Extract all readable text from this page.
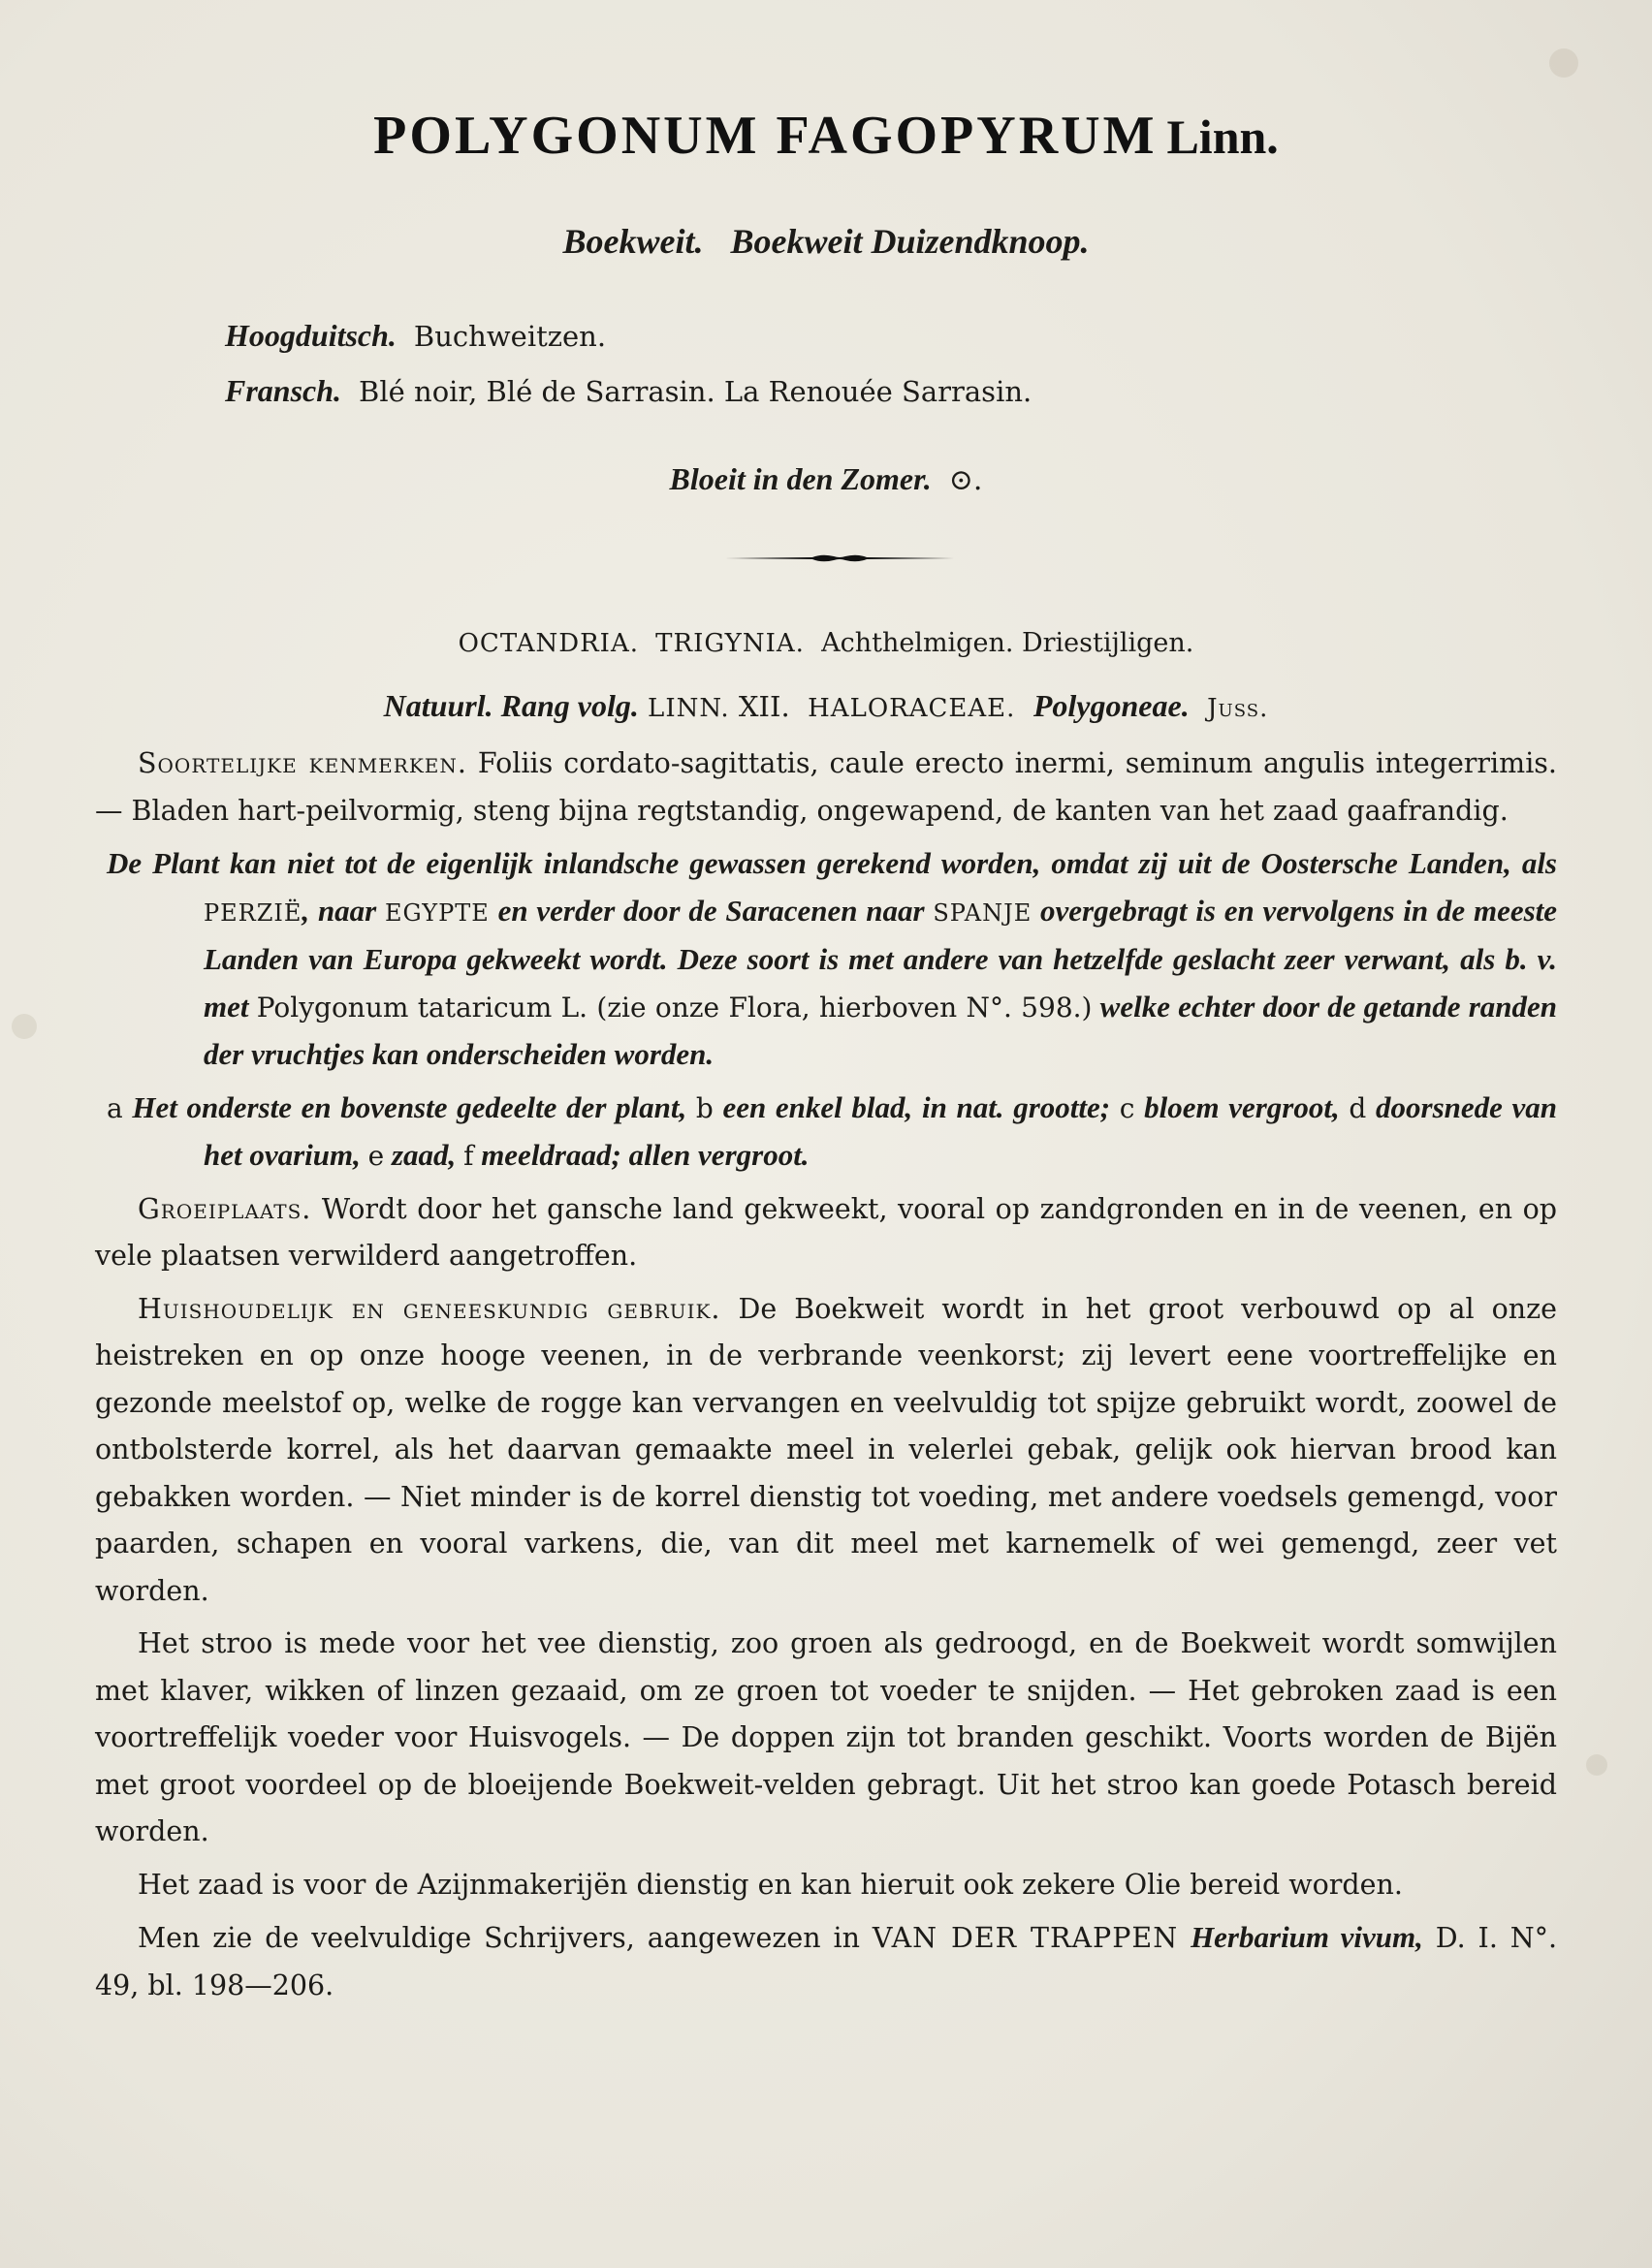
POLYGONUM FAGOPYRUM Linn.
Boekweit. Boekweit Duizendknoop.
Hoogduitsch. Buchweitzen.
Fransch. Blé noir, Blé de Sarrasin. La Renouée Sarrasin.
Bloeit in den Zomer. ⊙.
OCTANDRIA. TRIGYNIA. Achthelmigen. Driestijligen.
Natuurl. Rang volg. LINN. XII. HALORACEAE. Polygoneae. Juss.

Soortelijke kenmerken. Foliis cordato-sagittatis, caule erecto inermi, seminum angulis integerrimis. — Bladen hart-peilvormig, steng bijna regtstandig, ongewapend, de kanten van het zaad gaafrandig.

De Plant kan niet tot de eigenlijk inlandsche gewassen gerekend worden, omdat zij uit de Oostersche Landen, als PERZIË, naar EGYPTE en verder door de Saracenen naar SPANJE overgebragt is en vervolgens in de meeste Landen van Europa gekweekt wordt. Deze soort is met andere van hetzelfde geslacht zeer verwant, als b. v. met Polygonum tataricum L. (zie onze Flora, hierboven N°. 598.) welke echter door de getande randen der vruchtjes kan onderscheiden worden.

a Het onderste en bovenste gedeelte der plant, b een enkel blad, in nat. grootte; c bloem vergroot, d doorsnede van het ovarium, e zaad, f meeldraad; allen vergroot.

Groeiplaats. Wordt door het gansche land gekweekt, vooral op zandgronden en in de veenen, en op vele plaatsen verwilderd aangetroffen.

Huishoudelijk en geneeskundig gebruik. De Boekweit wordt in het groot verbouwd op al onze heistreken en op onze hooge veenen, in de verbrande veenkorst; zij levert eene voortreffelijke en gezonde meelstof op, welke de rogge kan vervangen en veelvuldig tot spijze gebruikt wordt, zoowel de ontbolsterde korrel, als het daarvan gemaakte meel in velerlei gebak, gelijk ook hiervan brood kan gebakken worden. — Niet minder is de korrel dienstig tot voeding, met andere voedsels gemengd, voor paarden, schapen en vooral varkens, die, van dit meel met karnemelk of wei gemengd, zeer vet worden.

Het stroo is mede voor het vee dienstig, zoo groen als gedroogd, en de Boekweit wordt somwijlen met klaver, wikken of linzen gezaaid, om ze groen tot voeder te snijden. — Het gebroken zaad is een voortreffelijk voeder voor Huisvogels. — De doppen zijn tot branden geschikt. Voorts worden de Bijën met groot voordeel op de bloeijende Boekweit-velden gebragt. Uit het stroo kan goede Potasch bereid worden.

Het zaad is voor de Azijnmakerijën dienstig en kan hieruit ook zekere Olie bereid worden.

Men zie de veelvuldige Schrijvers, aangewezen in VAN DER TRAPPEN Herbarium vivum, D. I. N°. 49, bl. 198—206.
